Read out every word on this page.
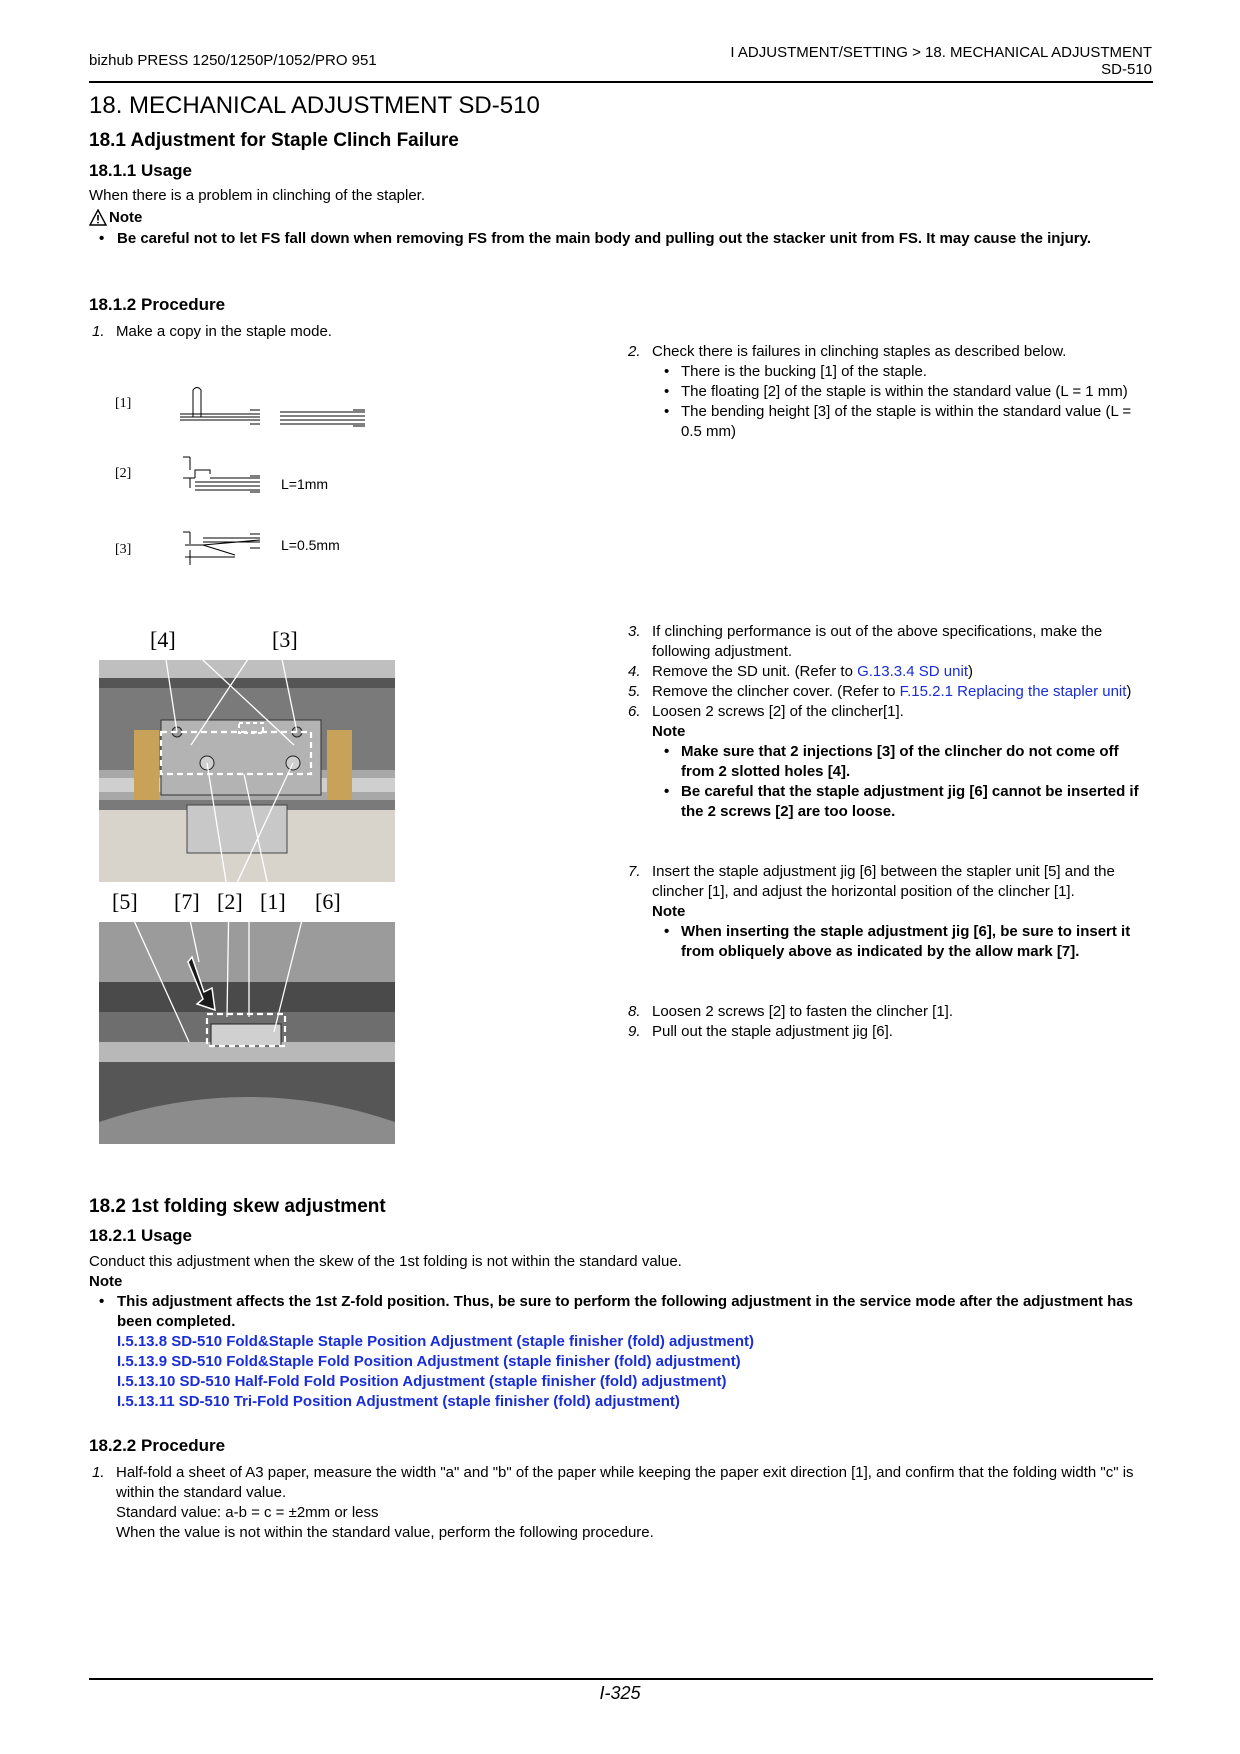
bizhub PRESS 1250/1250P/1052/PRO 951	I ADJUSTMENT/SETTING > 18. MECHANICAL ADJUSTMENT
SD-510
18. MECHANICAL ADJUSTMENT SD-510
18.1 Adjustment for Staple Clinch Failure
18.1.1 Usage
When there is a problem in clinching of the stapler.
Note
• Be careful not to let FS fall down when removing FS from the main body and pulling out the stacker unit from FS. It may cause the injury.
18.1.2 Procedure
1. Make a copy in the staple mode.
[1]
[2]
[3]
L=1mm
L=0.5mm
2. Check there is failures in clinching staples as described below.
• There is the bucking [1] of the staple.
• The floating [2] of the staple is within the standard value (L = 1 mm)
• The bending height [3] of the staple is within the standard value (L = 0.5 mm)
[4]	[3]
[5] [7] [2] [1] [6]
3. If clinching performance is out of the above specifications, make the following adjustment.
4. Remove the SD unit. (Refer to G.13.3.4 SD unit)
5. Remove the clincher cover. (Refer to F.15.2.1 Replacing the stapler unit)
6. Loosen 2 screws [2] of the clincher[1].
Note
• Make sure that 2 injections [3] of the clincher do not come off from 2 slotted holes [4].
• Be careful that the staple adjustment jig [6] cannot be inserted if the 2 screws [2] are too loose.
7. Insert the staple adjustment jig [6] between the stapler unit [5] and the clincher [1], and adjust the horizontal position of the clincher [1].
Note
• When inserting the staple adjustment jig [6], be sure to insert it from obliquely above as indicated by the allow mark [7].
8. Loosen 2 screws [2] to fasten the clincher [1].
9. Pull out the staple adjustment jig [6].
18.2 1st folding skew adjustment
18.2.1 Usage
Conduct this adjustment when the skew of the 1st folding is not within the standard value.
Note
• This adjustment affects the 1st Z-fold position. Thus, be sure to perform the following adjustment in the service mode after the adjustment has been completed.
I.5.13.8 SD-510 Fold&Staple Staple Position Adjustment (staple finisher (fold) adjustment)
I.5.13.9 SD-510 Fold&Staple Fold Position Adjustment (staple finisher (fold) adjustment)
I.5.13.10 SD-510 Half-Fold Fold Position Adjustment (staple finisher (fold) adjustment)
I.5.13.11 SD-510 Tri-Fold Position Adjustment (staple finisher (fold) adjustment)
18.2.2 Procedure
1. Half-fold a sheet of A3 paper, measure the width "a" and "b" of the paper while keeping the paper exit direction [1], and confirm that the folding width "c" is within the standard value.
Standard value: a-b = c = ±2mm or less
When the value is not within the standard value, perform the following procedure.
I-325
